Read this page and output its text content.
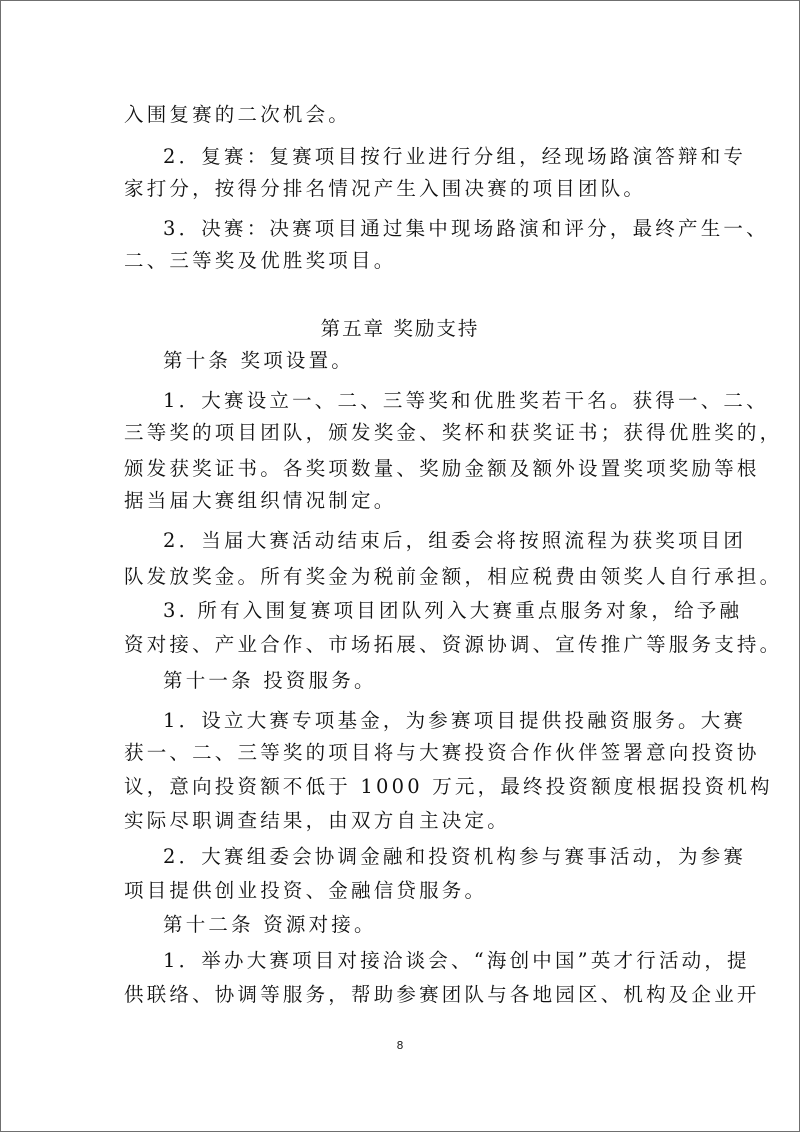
入围复赛的二次机会。
2．复赛：复赛项目按行业进行分组，经现场路演答辩和专
家打分，按得分排名情况产生入围决赛的项目团队。
3．决赛：决赛项目通过集中现场路演和评分，最终产生一、
二、三等奖及优胜奖项目。
第五章 奖励支持
第十条 奖项设置。
1．大赛设立一、二、三等奖和优胜奖若干名。获得一、二、
三等奖的项目团队，颁发奖金、奖杯和获奖证书；获得优胜奖的，
颁发获奖证书。各奖项数量、奖励金额及额外设置奖项奖励等根
据当届大赛组织情况制定。
2．当届大赛活动结束后，组委会将按照流程为获奖项目团
队发放奖金。所有奖金为税前金额，相应税费由领奖人自行承担。
3. 所有入围复赛项目团队列入大赛重点服务对象，给予融
资对接、产业合作、市场拓展、资源协调、宣传推广等服务支持。
第十一条 投资服务。
1．设立大赛专项基金，为参赛项目提供投融资服务。大赛
获一、二、三等奖的项目将与大赛投资合作伙伴签署意向投资协
议，意向投资额不低于 1000 万元，最终投资额度根据投资机构
实际尽职调查结果，由双方自主决定。
2．大赛组委会协调金融和投资机构参与赛事活动，为参赛
项目提供创业投资、金融信贷服务。
第十二条 资源对接。
1．举办大赛项目对接洽谈会、“海创中国”英才行活动，提
供联络、协调等服务，帮助参赛团队与各地园区、机构及企业开
8
